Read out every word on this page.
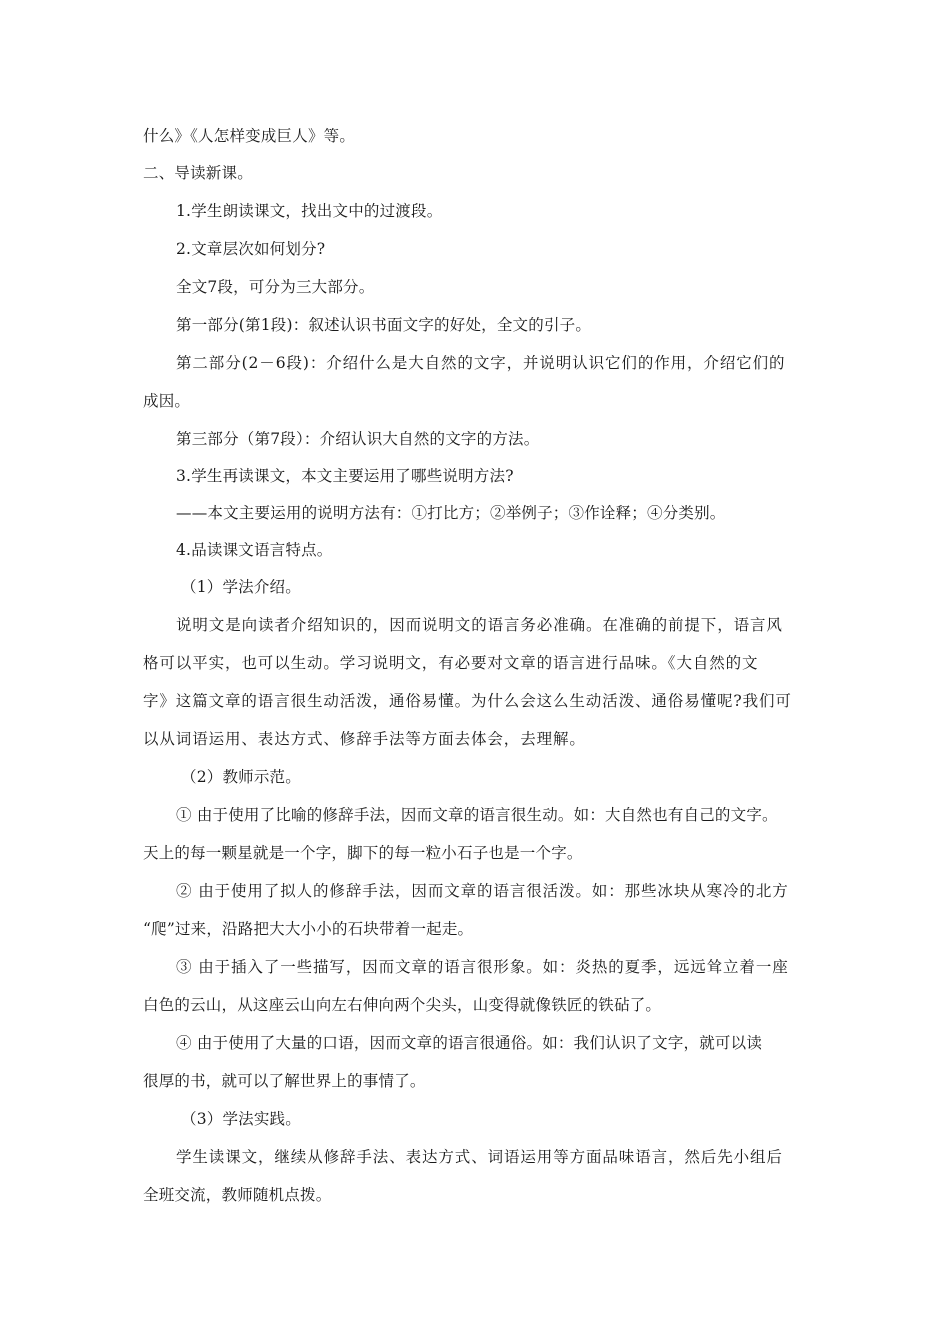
什么》《人怎样变成巨人》等。
二、导读新课。
1.学生朗读课文，找出文中的过渡段。
2.文章层次如何划分?
全文7段，可分为三大部分。
第一部分(第1段)：叙述认识书面文字的好处，全文的引子。
第二部分(2－6段)：介绍什么是大自然的文字，并说明认识它们的作用，介绍它们的
成因。
第三部分（第7段）：介绍认识大自然的文字的方法。
3.学生再读课文，本文主要运用了哪些说明方法?
——本文主要运用的说明方法有：①打比方；②举例子；③作诠释；④分类别。
4.品读课文语言特点。
（1）学法介绍。
说明文是向读者介绍知识的，因而说明文的语言务必准确。在准确的前提下，语言风
格可以平实，也可以生动。学习说明文，有必要对文章的语言进行品味。《大自然的文
字》这篇文章的语言很生动活泼，通俗易懂。为什么会这么生动活泼、通俗易懂呢?我们可
以从词语运用、表达方式、修辞手法等方面去体会，去理解。
（2）教师示范。
① 由于使用了比喻的修辞手法，因而文章的语言很生动。如：大自然也有自己的文字。
天上的每一颗星就是一个字，脚下的每一粒小石子也是一个字。
② 由于使用了拟人的修辞手法，因而文章的语言很活泼。如：那些冰块从寒冷的北方
“爬”过来，沿路把大大小小的石块带着一起走。
③ 由于插入了一些描写，因而文章的语言很形象。如：炎热的夏季，远远耸立着一座
白色的云山，从这座云山向左右伸向两个尖头，山变得就像铁匠的铁砧了。
④ 由于使用了大量的口语，因而文章的语言很通俗。如：我们认识了文字，就可以读
很厚的书，就可以了解世界上的事情了。
（3）学法实践。
学生读课文，继续从修辞手法、表达方式、词语运用等方面品味语言，然后先小组后
全班交流，教师随机点拨。
